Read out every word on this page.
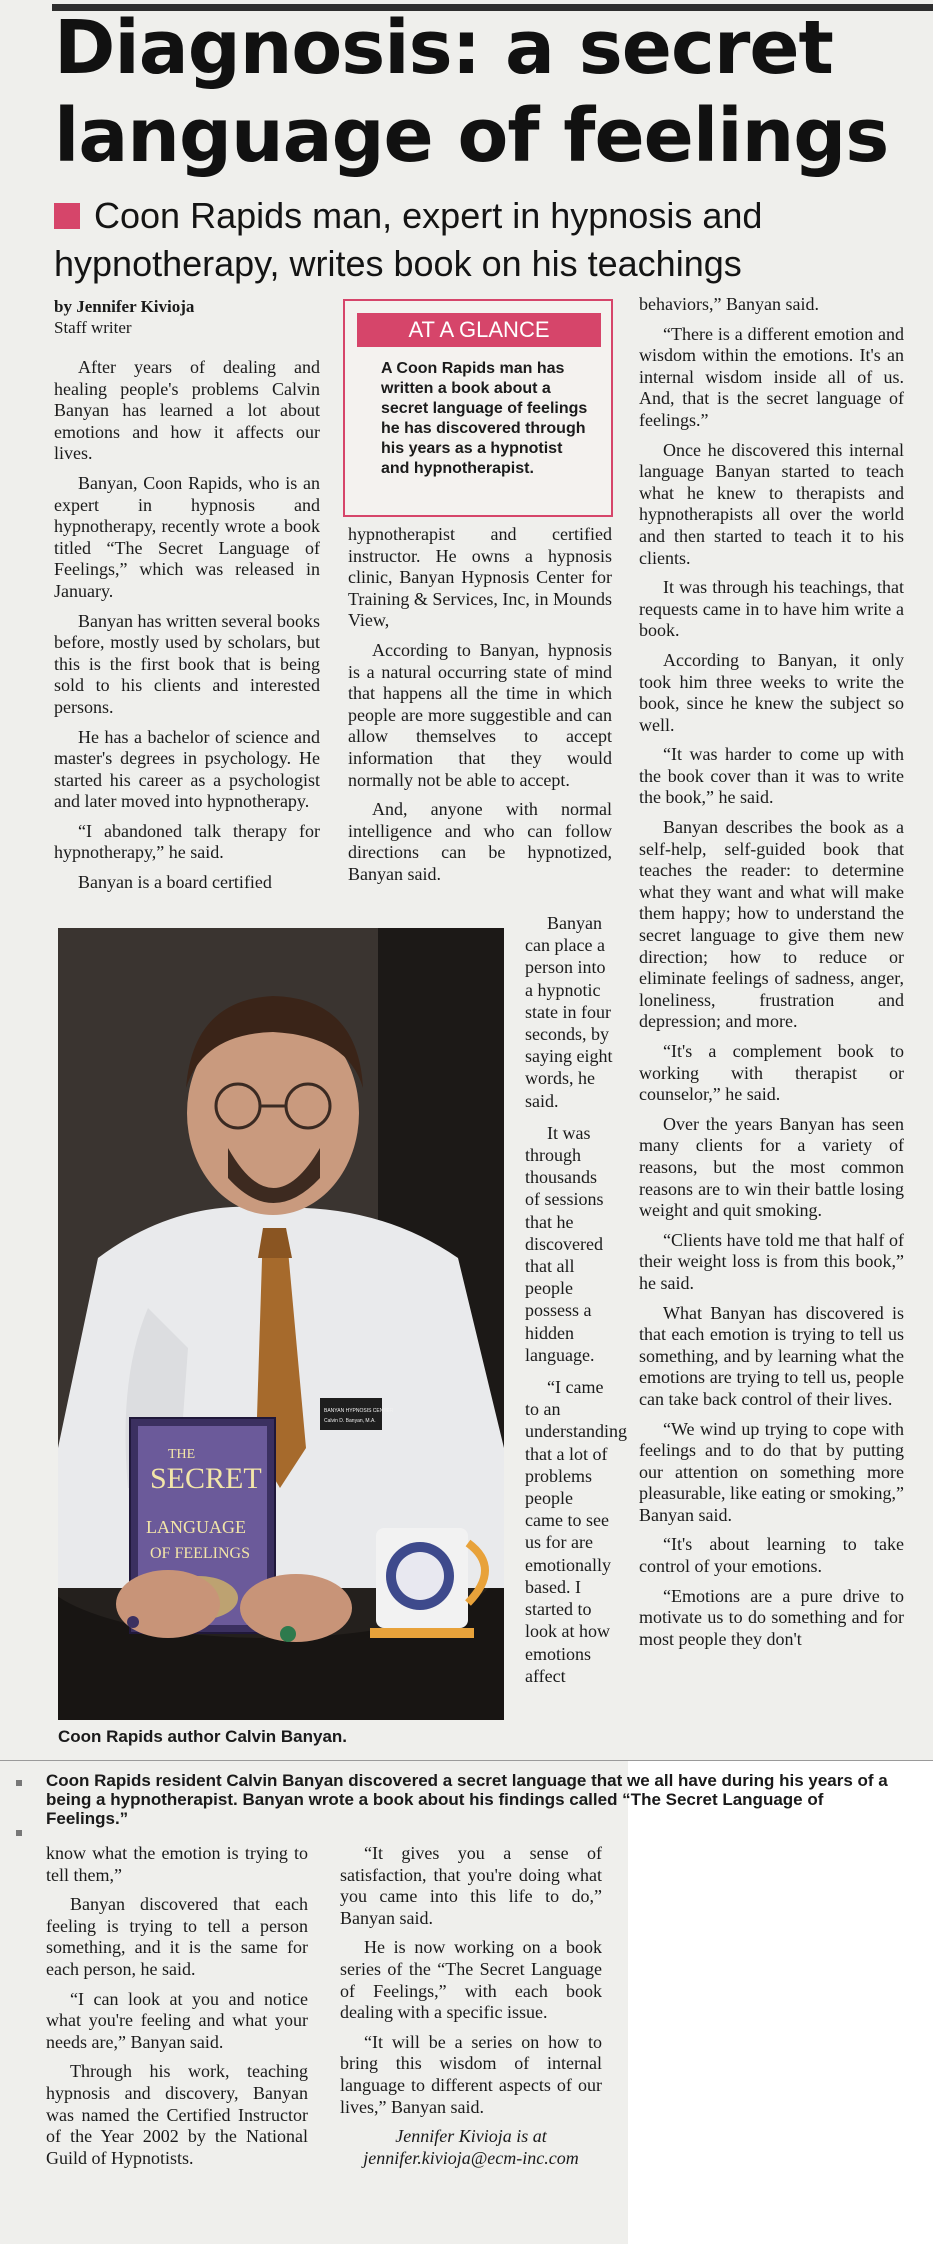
Diagnosis: a secret language of feelings

Coon Rapids man, expert in hypnosis and hypnotherapy, writes book on his teachings

by Jennifer Kivioja
Staff writer

After years of dealing and healing people's problems Calvin Banyan has learned a lot about emotions and how it affects our lives.

Banyan, Coon Rapids, who is an expert in hypnosis and hypnotherapy, recently wrote a book titled “The Secret Language of Feelings,” which was released in January.

Banyan has written several books before, mostly used by scholars, but this is the first book that is being sold to his clients and interested persons.

He has a bachelor of science and master's degrees in psychology. He started his career as a psychologist and later moved into hypnotherapy.

“I abandoned talk therapy for hypnotherapy,” he said.

Banyan is a board certified

AT A GLANCE

A Coon Rapids man has written a book about a secret language of feelings he has discovered through his years as a hypnotist and hypnotherapist.

hypnotherapist and certified instructor. He owns a hypnosis clinic, Banyan Hypnosis Center for Training & Services, Inc, in Mounds View,

According to Banyan, hypnosis is a natural occurring state of mind that happens all the time in which people are more suggestible and can allow themselves to accept information that they would normally not be able to accept.

And, anyone with normal intelligence and who can follow directions can be hypnotized, Banyan said.

Banyan can place a person into a hypnotic state in four seconds, by saying eight words, he said.

It was through thousands of sessions that he discovered that all people possess a hidden language.

“I came to an understanding that a lot of problems people came to see us for are emotionally based. I started to look at how emotions affect

behaviors,” Banyan said.

“There is a different emotion and wisdom within the emotions. It's an internal wisdom inside all of us. And, that is the secret language of feelings.”

Once he discovered this internal language Banyan started to teach what he knew to therapists and hypnotherapists all over the world and then started to teach it to his clients.

It was through his teachings, that requests came in to have him write a book.

According to Banyan, it only took him three weeks to write the book, since he knew the subject so well.

“It was harder to come up with the book cover than it was to write the book,” he said.

Banyan describes the book as a self-help, self-guided book that teaches the reader: to determine what they want and what will make them happy; how to understand the secret language to give them new direction; how to reduce or eliminate feelings of sadness, anger, loneliness, frustration and depression; and more.

“It's a complement book to working with therapist or counselor,” he said.

Over the years Banyan has seen many clients for a variety of reasons, but the most common reasons are to win their battle losing weight and quit smoking.

“Clients have told me that half of their weight loss is from this book,” he said.

What Banyan has discovered is that each emotion is trying to tell us something, and by learning what the emotions are trying to tell us, people can take back control of their lives.

“We wind up trying to cope with feelings and to do that by putting our attention on something more pleasurable, like eating or smoking,” Banyan said.

“It's about learning to take control of your emotions.

“Emotions are a pure drive to motivate us to do something and for most people they don't

THE
SECRET
LANGUAGE
OF FEELINGS
BANYAN HYPNOSIS CENTER
Calvin D. Banyan, M.A.

Coon Rapids author Calvin Banyan.

Coon Rapids resident Calvin Banyan discovered a secret language that we all have during his years of a being a hypnotherapist. Banyan wrote a book about his findings called “The Secret Language of Feelings.”

know what the emotion is trying to tell them,”

Banyan discovered that each feeling is trying to tell a person something, and it is the same for each person, he said.

“I can look at you and notice what you're feeling and what your needs are,” Banyan said.

Through his work, teaching hypnosis and discovery, Banyan was named the Certified Instructor of the Year 2002 by the National Guild of Hypnotists.

“It gives you a sense of satisfaction, that you're doing what you came into this life to do,” Banyan said.

He is now working on a book series of the “The Secret Language of Feelings,” with each book dealing with a specific issue.

“It will be a series on how to bring this wisdom of internal language to different aspects of our lives,” Banyan said.

Jennifer Kivioja is at jennifer.kivioja@ecm-inc.com
